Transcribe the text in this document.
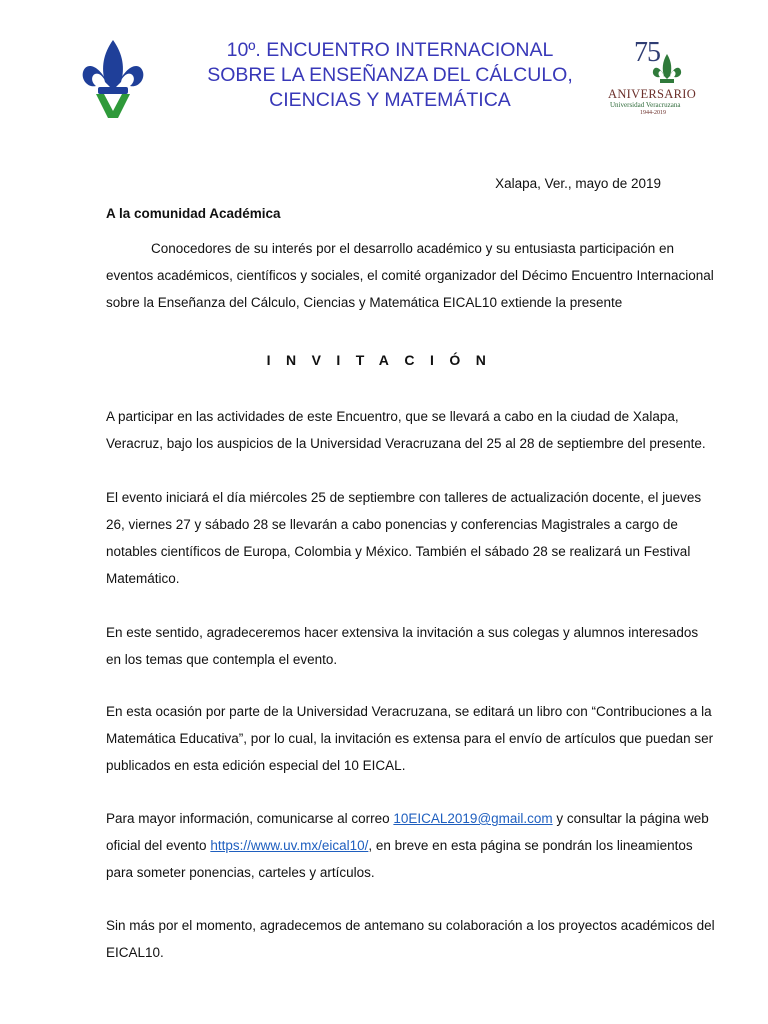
75
ANIVERSARIO
Universidad Veracruzana
1944-2019
10º. ENCUENTRO INTERNACIONAL
SOBRE LA ENSEÑANZA DEL CÁLCULO,
CIENCIAS Y MATEMÁTICA
Xalapa, Ver., mayo de 2019
A la comunidad Académica
Conocedores de su interés por el desarrollo académico y su entusiasta participación en
eventos académicos, científicos y sociales, el comité organizador del Décimo Encuentro Internacional
sobre la Enseñanza del Cálculo, Ciencias y Matemática EICAL10 extiende la presente
INVITACIÓN
A participar en las actividades de este Encuentro, que se llevará a cabo en la ciudad de Xalapa,
Veracruz, bajo los auspicios de la Universidad Veracruzana del 25 al 28 de septiembre del presente.
El evento iniciará el día miércoles 25 de septiembre con talleres de actualización docente, el jueves
26, viernes 27 y sábado 28 se llevarán a cabo ponencias y conferencias Magistrales a cargo de
notables científicos de Europa, Colombia y México. También el sábado 28 se realizará un Festival
Matemático.
En este sentido, agradeceremos hacer extensiva la invitación a sus colegas y alumnos interesados
en los temas que contempla el evento.
En esta ocasión por parte de la Universidad Veracruzana, se editará un libro con “Contribuciones a la
Matemática Educativa”, por lo cual, la invitación es extensa para el envío de artículos que puedan ser
publicados en esta edición especial del 10 EICAL.
Para mayor información, comunicarse al correo 10EICAL2019@gmail.com y consultar la página web
oficial del evento https://www.uv.mx/eical10/, en breve en esta página se pondrán los lineamientos
para someter ponencias, carteles y artículos.
Sin más por el momento, agradecemos de antemano su colaboración a los proyectos académicos del
EICAL10.
